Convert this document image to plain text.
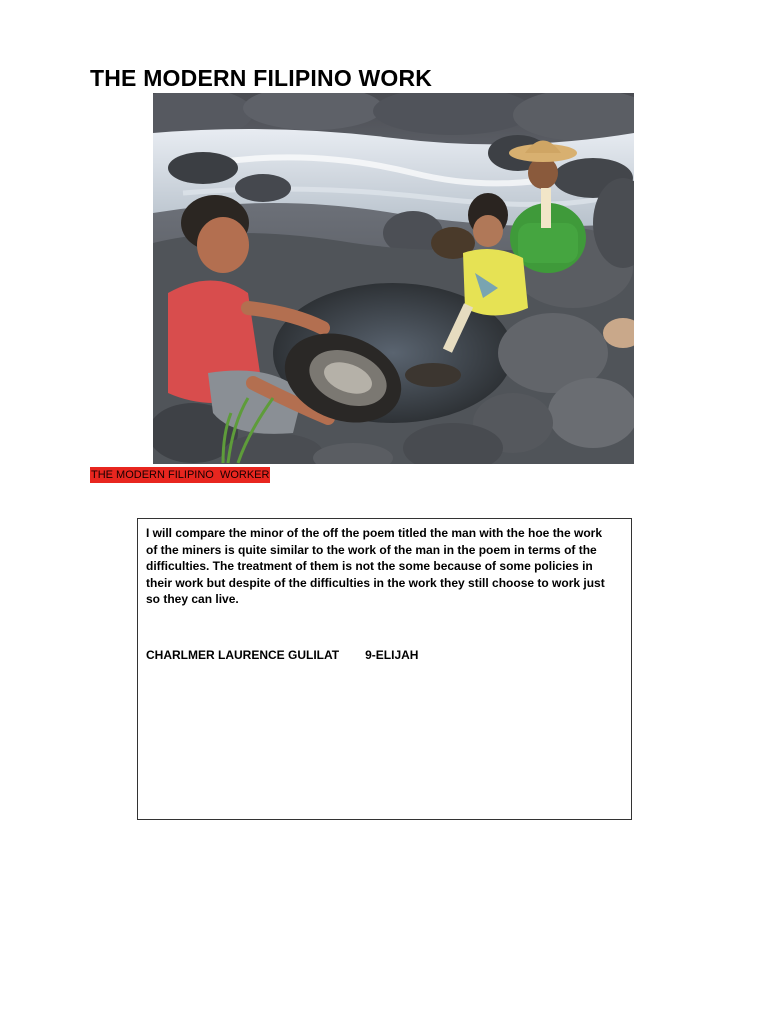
THE MODERN FILIPINO WORK
THE MODERN FILIPINO  WORKER

I will compare the minor of the off the poem titled the man with the hoe the work
of the miners is quite similar to the work of the man in the poem in terms of the
difficulties. The treatment of them is not the some because of some policies in
their work but despite of the difficulties in the work they still choose to work just
so they can live.

CHARLMER LAURENCE GULILAT 9-ELIJAH
